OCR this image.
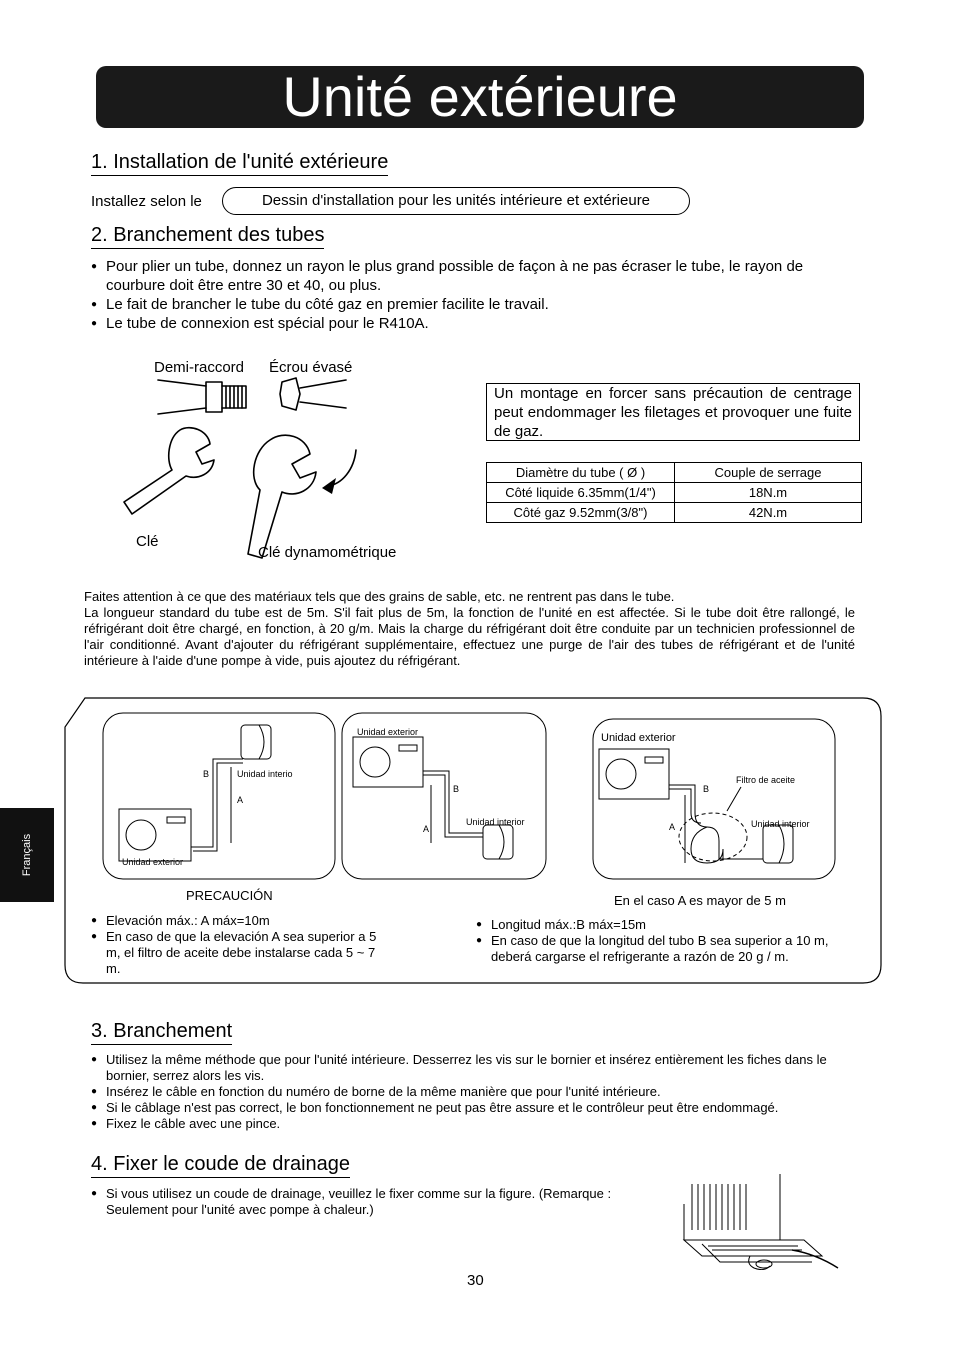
Unité extérieure
1. Installation de l'unité extérieure
Installez selon le	Dessin d'installation pour les unités intérieure et extérieure
2. Branchement des tubes
● Pour plier un tube, donnez un rayon le plus grand possible de façon à ne pas écraser le tube, le rayon de courbure doit être entre 30 et 40, ou plus.
● Le fait de brancher le tube du côté gaz en premier facilite le travail.
● Le tube de connexion est spécial pour le R410A.
Demi-raccord Écrou évasé
Clé
Clé dynamométrique
Un montage en forcer sans précaution de centrage peut endommager les filetages et provoquer une fuite de gaz.
Diamètre du tube ( Ø )	Couple de serrage
Côté liquide 6.35mm(1/4")	18N.m
Côté gaz 9.52mm(3/8")	42N.m

Faites attention à ce que des matériaux tels que des grains de sable, etc. ne rentrent pas dans le tube.

La longueur standard du tube est de 5m. S'il fait plus de 5m, la fonction de l'unité en est affectée. Si le tube doit être rallongé, le réfrigérant doit être chargé, en fonction, à 20 g/m. Mais la charge du réfrigérant doit être conduite par un technicien professionnel de l'air conditionné. Avant d'ajouter du réfrigérant supplémentaire, effectuez une purge de l'air des tubes de réfrigérant et de l'unité intérieure à l'aide d'une pompe à vide, puis ajoutez du réfrigérant.

Français
Unidad interio
B
A
Unidad exterior
Unidad exterior
B
Unidad interior
A
Unidad exterior
Filtro de aceite
B
Unidad interior
A
PRECAUCIÓN	En el caso A es mayor de 5 m
● Elevación máx.: A máx=10m
● En caso de que la elevación A sea superior a 5 m, el filtro de aceite debe instalarse cada 5 ~ 7 m.
● Longitud máx.:B máx=15m
● En caso de que la longitud del tubo B sea superior a 10 m, deberá cargarse el refrigerante a razón de 20 g / m.
3. Branchement
● Utilisez la même méthode que pour l'unité intérieure. Desserrez les vis sur le bornier et insérez entièrement les fiches dans le bornier, serrez alors les vis.
● Insérez le câble en fonction du numéro de borne de la même manière que pour l'unité intérieure.
● Si le câblage n'est pas correct, le bon fonctionnement ne peut pas être assure et le contrôleur peut être endommagé.
● Fixez le câble avec une pince.
4. Fixer le coude de drainage
● Si vous utilisez un coude de drainage, veuillez le fixer comme sur la figure. (Remarque : Seulement pour l'unité avec pompe à chaleur.)
30
